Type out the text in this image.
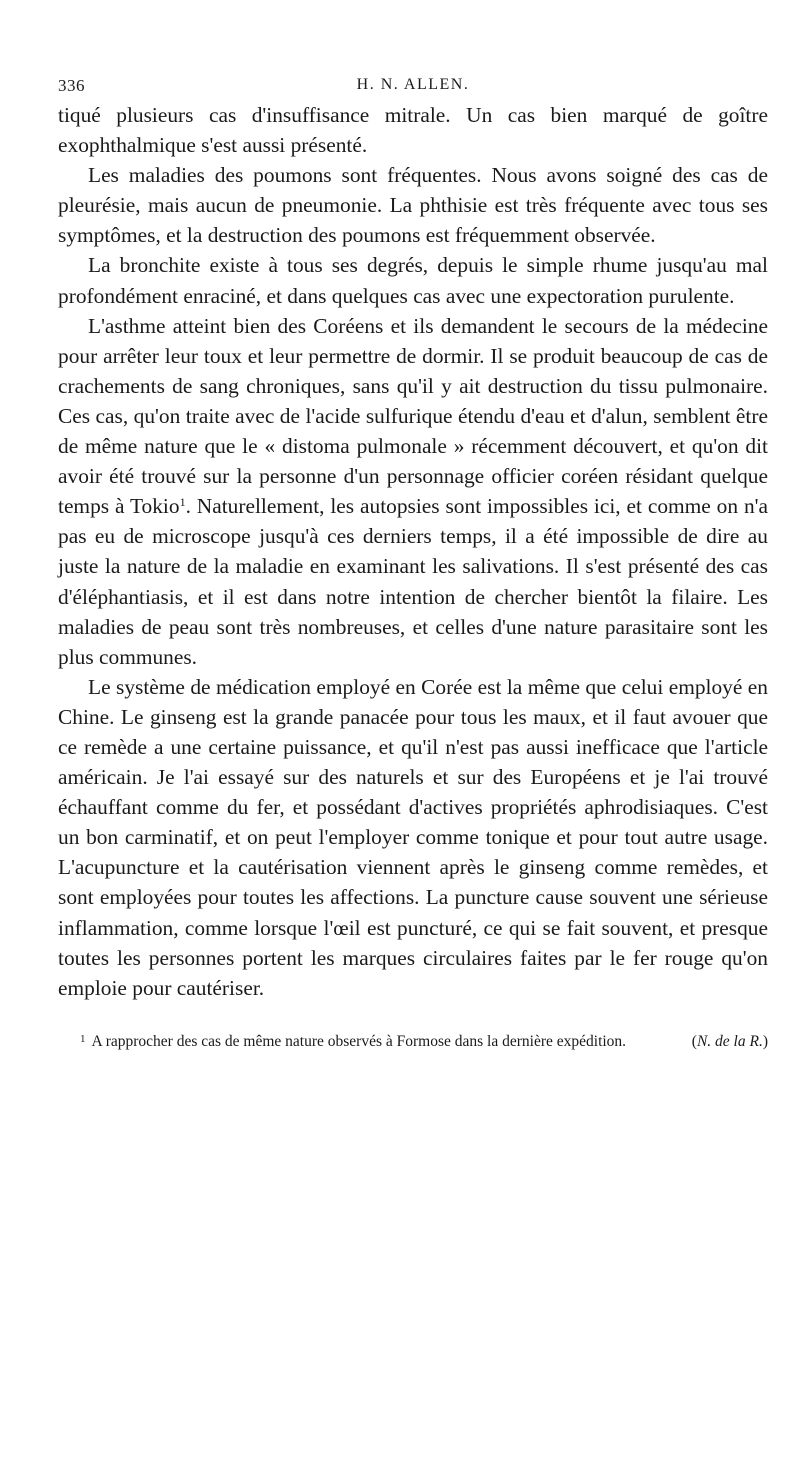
336	H. N. ALLEN.

tiqué plusieurs cas d'insuffisance mitrale. Un cas bien marqué de goître exophthalmique s'est aussi présenté.

Les maladies des poumons sont fréquentes. Nous avons soigné des cas de pleurésie, mais aucun de pneumonie. La phthisie est très fréquente avec tous ses symptômes, et la destruction des poumons est fréquemment observée.

La bronchite existe à tous ses degrés, depuis le simple rhume jusqu'au mal profondément enraciné, et dans quelques cas avec une expectoration purulente.

L'asthme atteint bien des Coréens et ils demandent le secours de la médecine pour arrêter leur toux et leur permettre de dormir. Il se produit beaucoup de cas de crachements de sang chroniques, sans qu'il y ait destruction du tissu pulmonaire. Ces cas, qu'on traite avec de l'acide sulfurique étendu d'eau et d'alun, semblent être de même nature que le « distoma pulmonale » récemment découvert, et qu'on dit avoir été trouvé sur la personne d'un personnage officier coréen résidant quelque temps à Tokio$^1$. Naturellement, les autopsies sont impossibles ici, et comme on n'a pas eu de microscope jusqu'à ces derniers temps, il a été impossible de dire au juste la nature de la maladie en examinant les salivations. Il s'est présenté des cas d'éléphantiasis, et il est dans notre intention de chercher bientôt la filaire. Les maladies de peau sont très nombreuses, et celles d'une nature parasitaire sont les plus communes.

Le système de médication employé en Corée est la même que celui employé en Chine. Le ginseng est la grande panacée pour tous les maux, et il faut avouer que ce remède a une certaine puissance, et qu'il n'est pas aussi inefficace que l'article américain. Je l'ai essayé sur des naturels et sur des Européens et je l'ai trouvé échauffant comme du fer, et possédant d'actives propriétés aphrodisiaques. C'est un bon carminatif, et on peut l'employer comme tonique et pour tout autre usage. L'acupuncture et la cautérisation viennent après le ginseng comme remèdes, et sont employées pour toutes les affections. La puncture cause souvent une sérieuse inflammation, comme lorsque l'œil est puncturé, ce qui se fait souvent, et presque toutes les personnes portent les marques circulaires faites par le fer rouge qu'on emploie pour cautériser.

$^1$ A rapprocher des cas de même nature observés à Formose dans la dernière expédition.	(N. de la R.)
